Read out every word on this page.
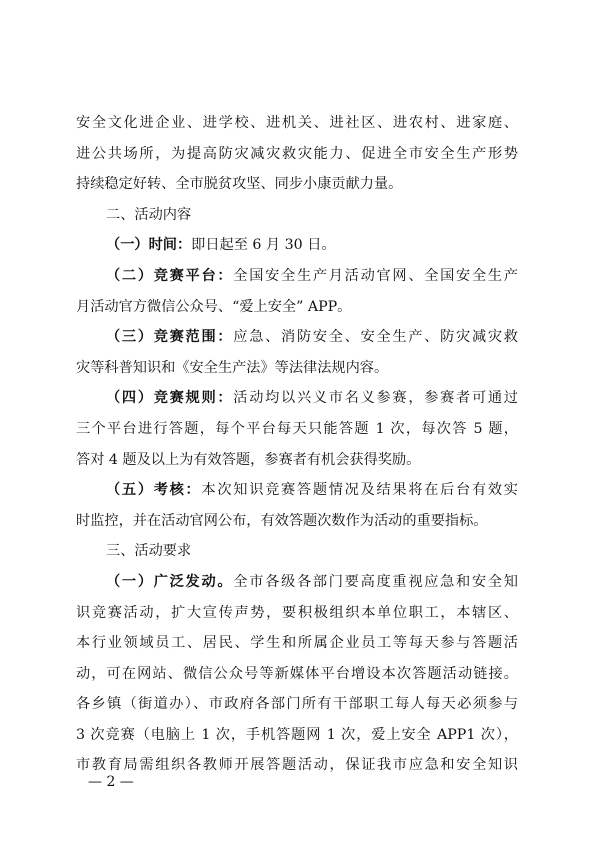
安全文化进企业、进学校、进机关、进社区、进农村、进家庭、
进公共场所，为提高防灾减灾救灾能力、促进全市安全生产形势
持续稳定好转、全市脱贫攻坚、同步小康贡献力量。
二、活动内容
（一）时间：即日起至 6 月 30 日。
（二）竞赛平台：全国安全生产月活动官网、全国安全生产
月活动官方微信公众号、“爱上安全” APP。
（三）竞赛范围：应急、消防安全、安全生产、防灾减灾救
灾等科普知识和《安全生产法》等法律法规内容。
（四）竞赛规则：活动均以兴义市名义参赛，参赛者可通过
三个平台进行答题，每个平台每天只能答题 1 次，每次答 5 题，
答对 4 题及以上为有效答题，参赛者有机会获得奖励。
（五）考核：本次知识竞赛答题情况及结果将在后台有效实
时监控，并在活动官网公布，有效答题次数作为活动的重要指标。
三、活动要求
（一）广泛发动。全市各级各部门要高度重视应急和安全知
识竞赛活动，扩大宣传声势，要积极组织本单位职工，本辖区、
本行业领域员工、居民、学生和所属企业员工等每天参与答题活
动，可在网站、微信公众号等新媒体平台增设本次答题活动链接。
各乡镇（街道办）、市政府各部门所有干部职工每人每天必须参与
3 次竞赛（电脑上 1 次，手机答题网 1 次，爱上安全 APP1 次），
市教育局需组织各教师开展答题活动，保证我市应急和安全知识
— 2 —
